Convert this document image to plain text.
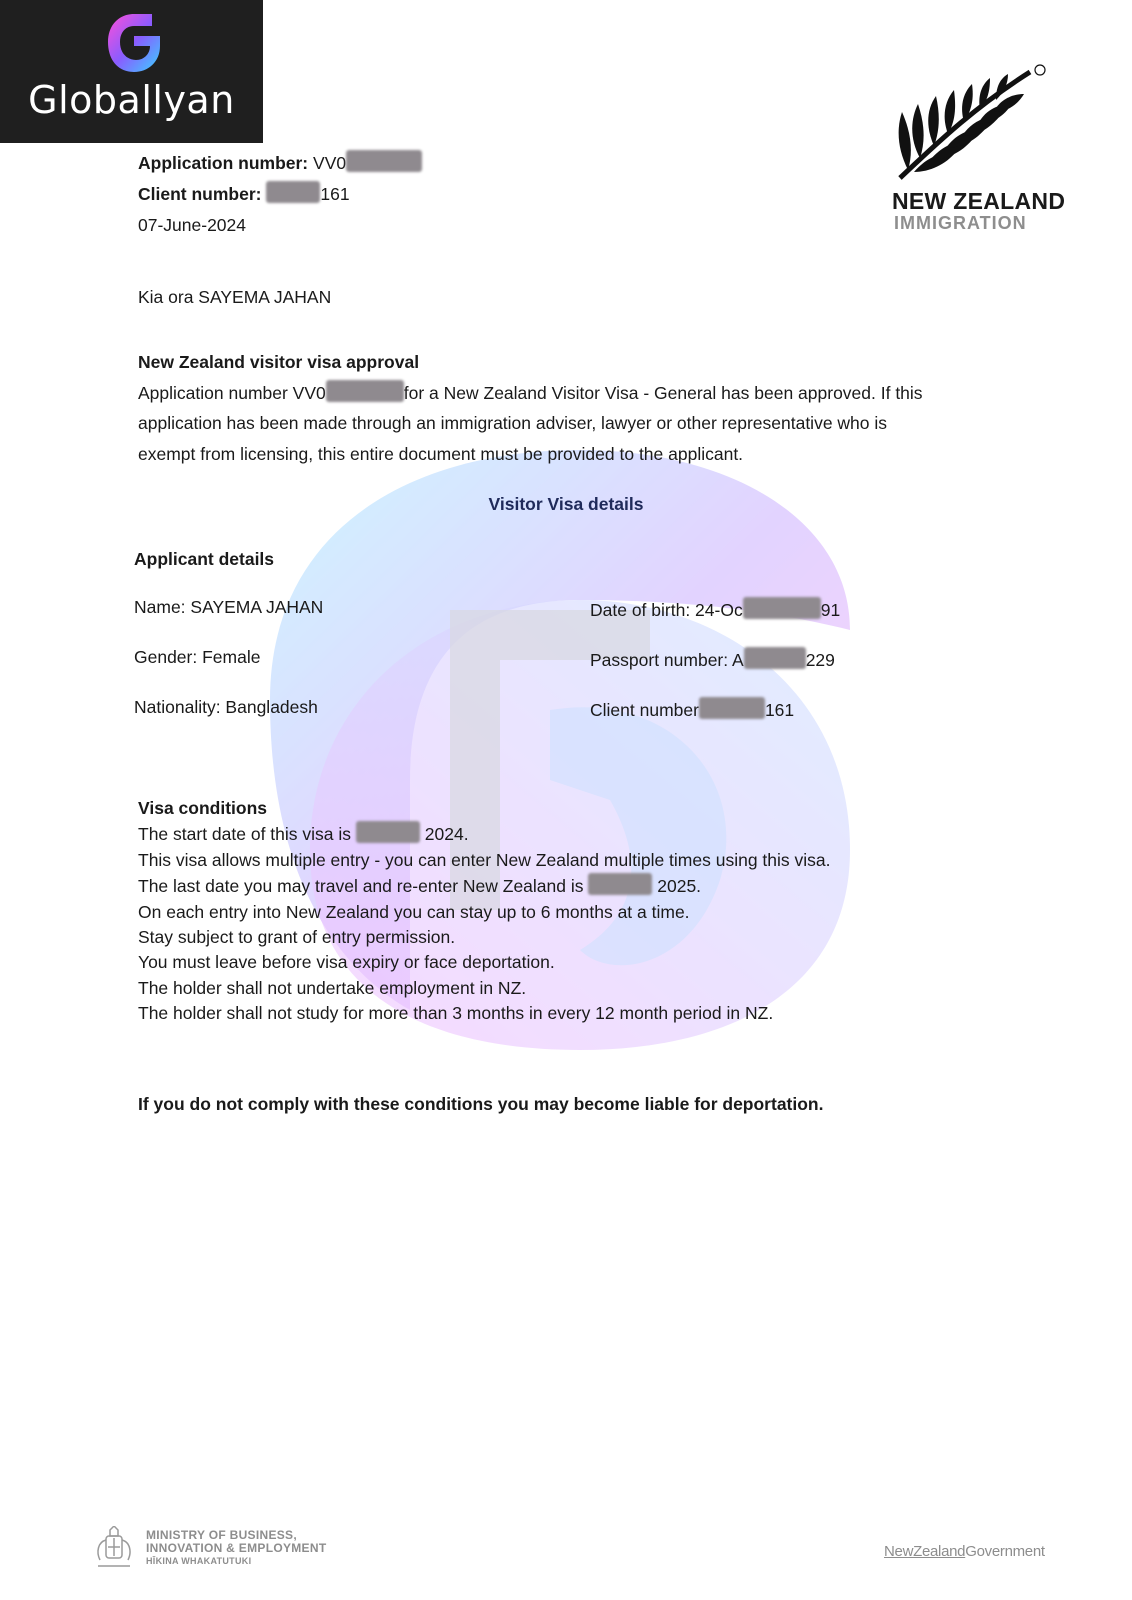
Globallyan
NEW ZEALAND
IMMIGRATION
Application number: VV0
Client number:	161
07-June-2024
Kia ora SAYEMA JAHAN
New Zealand visitor visa approval
Application number VV0	for a New Zealand Visitor Visa - General has been approved. If this
application has been made through an immigration adviser, lawyer or other representative who is
exempt from licensing, this entire document must be provided to the applicant.
Visitor Visa details
Applicant details
Name: SAYEMA JAHAN
Gender: Female
Nationality: Bangladesh
Date of birth: 24-Oc	91
Passport number: A	229
Client number	161
Visa conditions
The start date of this visa is	2024.
This visa allows multiple entry - you can enter New Zealand multiple times using this visa.
The last date you may travel and re-enter New Zealand is	2025.
On each entry into New Zealand you can stay up to 6 months at a time.
Stay subject to grant of entry permission.
You must leave before visa expiry or face deportation.
The holder shall not undertake employment in NZ.
The holder shall not study for more than 3 months in every 12 month period in NZ.
If you do not comply with these conditions you may become liable for deportation.
MINISTRY OF BUSINESS,
INNOVATION & EMPLOYMENT
HĪKINA WHAKATUTUKI
NewZealandGovernment
